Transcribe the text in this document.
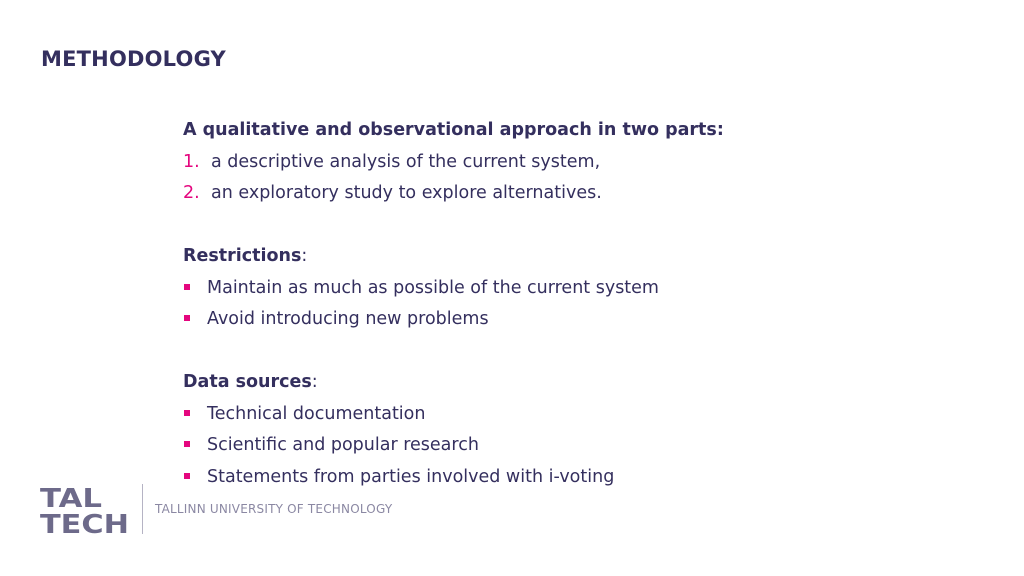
METHODOLOGY
A qualitative and observational approach in two parts:
1. a descriptive analysis of the current system,
2. an exploratory study to explore alternatives.
Restrictions:
Maintain as much as possible of the current system
Avoid introducing new problems
Data sources:
Technical documentation
Scientific and popular research
Statements from parties involved with i-voting
TAL
TECH
TALLINN UNIVERSITY OF TECHNOLOGY
